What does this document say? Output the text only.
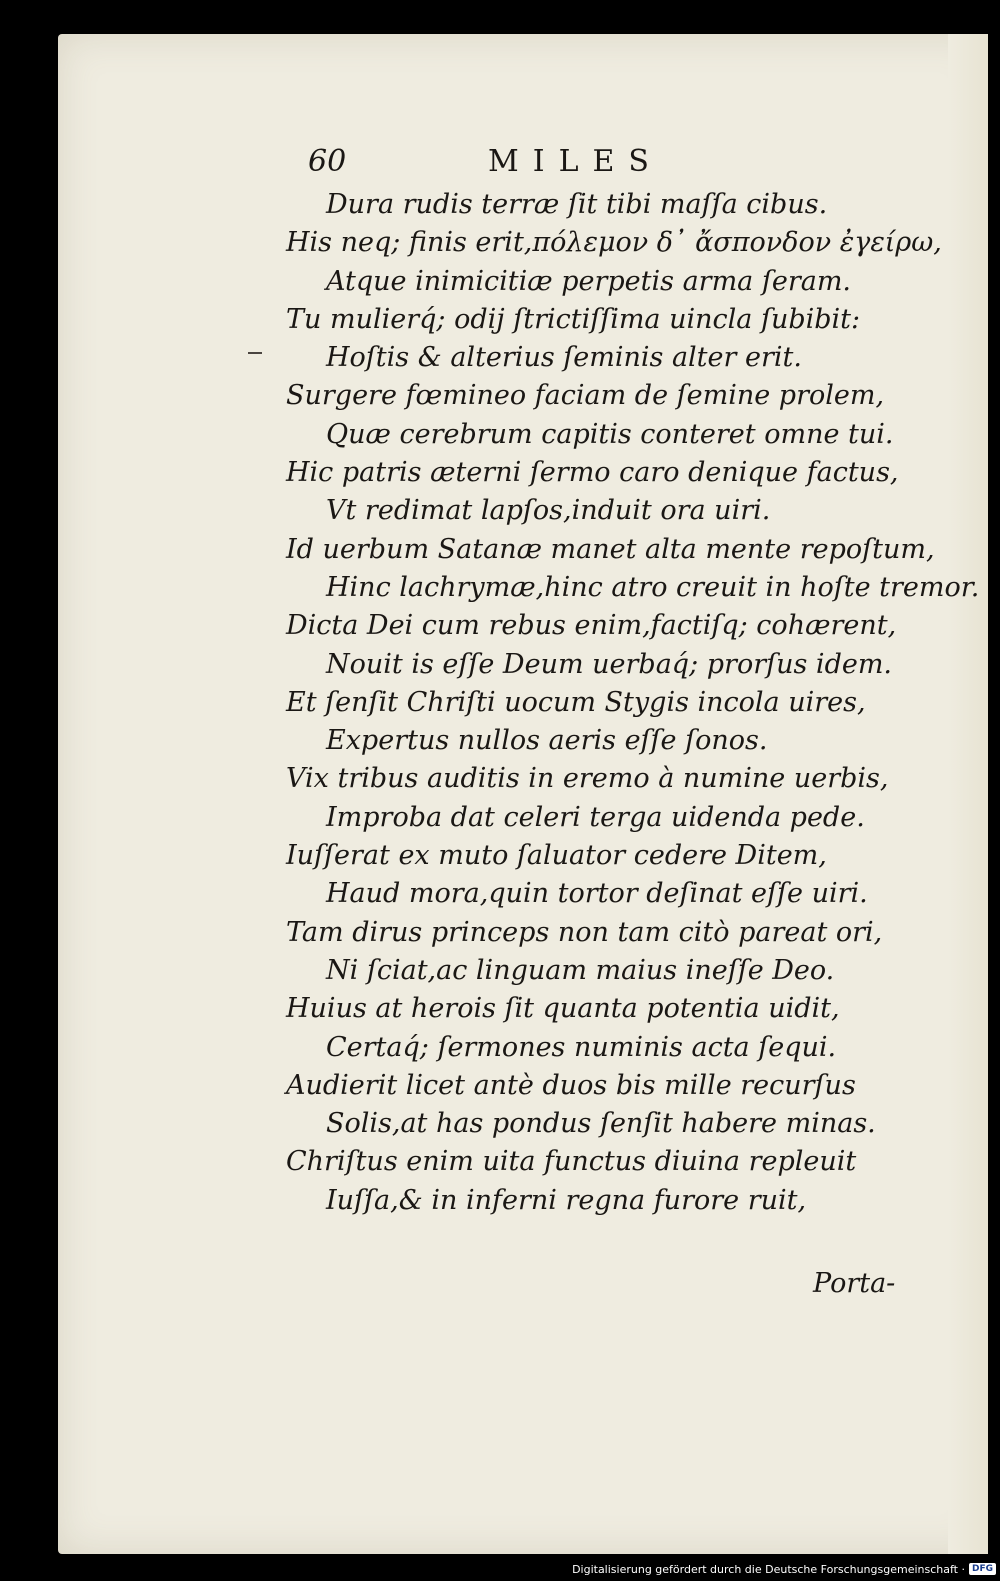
60	MILES
Dura rudis terræ ſit tibi maſſa cibus.
His neq; finis erit,πόλεμον δ᾽ ἄσπονδον ἐγείρω,
Atque inimicitiæ perpetis arma ſeram.
Tu mulierq́; odij ſtrictiſſima uincla ſubibit:
Hoſtis & alterius ſeminis alter erit.
Surgere fœmineo faciam de ſemine prolem,
Quæ cerebrum capitis conteret omne tui.
Hic patris æterni ſermo caro denique factus,
Vt redimat lapſos,induit ora uiri.
Id uerbum Satanæ manet alta mente repoſtum,
Hinc lachrymæ,hinc atro creuit in hoſte tremor.
Dicta Dei cum rebus enim,factiſq; cohærent,
Nouit is eſſe Deum uerbaq́; prorſus idem.
Et ſenſit Chriſti uocum Stygis incola uires,
Expertus nullos aeris eſſe ſonos.
Vix tribus auditis in eremo à numine uerbis,
Improba dat celeri terga uidenda pede.
Iuſſerat ex muto ſaluator cedere Ditem,
Haud mora,quin tortor deſinat eſſe uiri.
Tam dirus princeps non tam citò pareat ori,
Ni ſciat,ac linguam maius ineſſe Deo.
Huius at herois ſit quanta potentia uidit,
Certaq́; ſermones numinis acta ſequi.
Audierit licet antè duos bis mille recurſus
Solis,at has pondus ſenſit habere minas.
Chriſtus enim uita functus diuina repleuit
Iuſſa,& in inferni regna furore ruit,
Porta-
Digitalisierung gefördert durch die Deutsche Forschungsgemeinschaft · DFG
